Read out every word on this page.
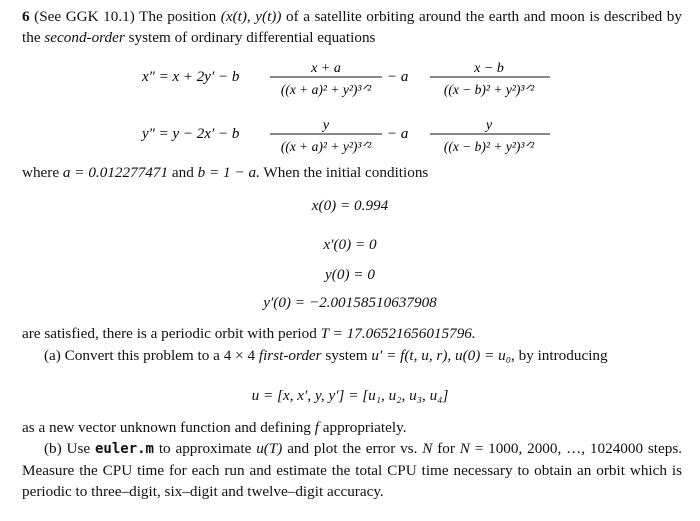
6 (See GGK 10.1) The position (x(t), y(t)) of a satellite orbiting around the earth and moon is described by the second-order system of ordinary differential equations
x″ = x + 2y′ − b
x + a
((x + a)² + y²)³ᐟ²
− a
x − b
((x − b)² + y²)³ᐟ²
y″ = y − 2x′ − b
y
((x + a)² + y²)³ᐟ²
− a
y
((x − b)² + y²)³ᐟ²
where a = 0.012277471 and b = 1 − a. When the initial conditions
x(0) = 0.994
x′(0) = 0
y(0) = 0
y′(0) = −2.00158510637908
are satisfied, there is a periodic orbit with period T = 17.06521656015796.
(a) Convert this problem to a 4 × 4 first-order system u′ = f(t, u, r), u(0) = u₀, by introducing
u = [x, x′, y, y′] = [u₁, u₂, u₃, u₄]
as a new vector unknown function and defining f appropriately.
(b) Use euler.m to approximate u(T) and plot the error vs. N for N = 1000, 2000, …, 1024000 steps. Measure the CPU time for each run and estimate the total CPU time necessary to obtain an orbit which is periodic to three–digit, six–digit and twelve–digit accuracy.
